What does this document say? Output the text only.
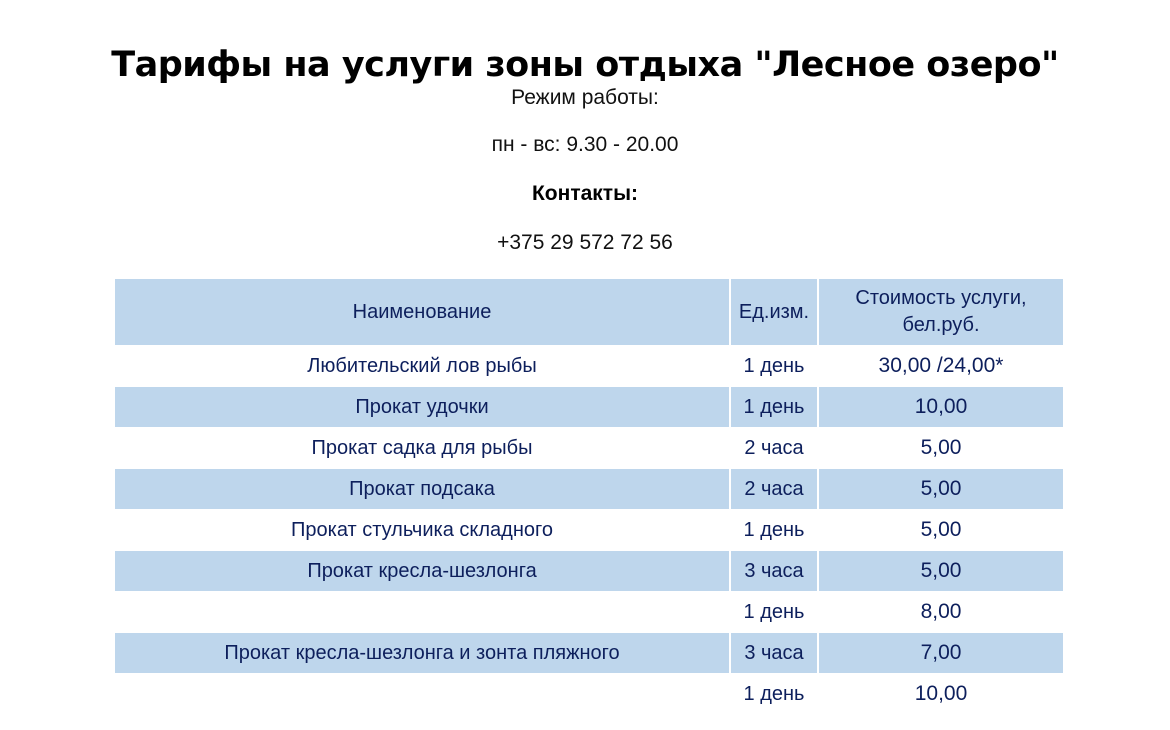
Тарифы на услуги зоны отдыха "Лесное озеро"
Режим работы:
пн - вс: 9.30 - 20.00
Контакты:
+375 29 572 72 56
Наименование	Ед.изм.	Стоимость услуги, бел.руб.
Любительский лов рыбы	1 день	30,00 /24,00*
Прокат удочки	1 день	10,00
Прокат садка для рыбы	2 часа	5,00
Прокат подсака	2 часа	5,00
Прокат стульчика складного	1 день	5,00
Прокат кресла-шезлонга	3 часа	5,00
	1 день	8,00
Прокат кресла-шезлонга и зонта пляжного	3 часа	7,00
	1 день	10,00
